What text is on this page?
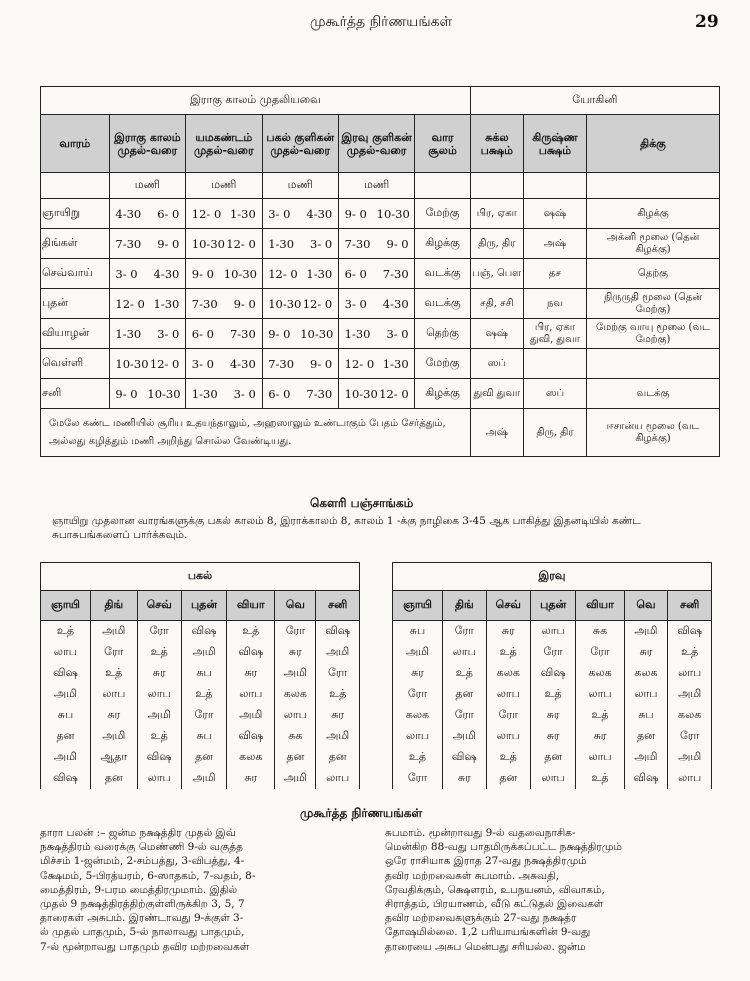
முகூர்த்த நிர்ணயங்கள்	29
இராகு காலம் முதலியவை						யோகினி		
வாரம்	இராகு காலம் முதல்-வரை	யமகண்டம் முதல்-வரை	பகல் குளிகன் முதல்-வரை	இரவு குளிகன் முதல்-வரை	வார சூலம்	சுக்ல பக்ஷம்	கிருஷ்ண பக்ஷம்	திக்கு
	மணி	மணி	மணி	மணி				
ஞாயிறு	4-30 6- 0	12- 0 1-30	3- 0 4-30	9- 0 10-30	மேற்கு	பிர, ஏகா	ஷஷ்	கிழக்கு
திங்கள்	7-30 9- 0	10-3012- 0	1-30 3- 0	7-30 9- 0	கிழக்கு	திரு, திர	அஷ்	அக்னி மூலை (தென் கிழக்கு)
செவ்வாய்	3- 0 4-30	9- 0 10-30	12- 0 1-30	6- 0 7-30	வடக்கு	பஞ், பௌ	தச	தெற்கு
புதன்	12- 0 1-30	7-30 9- 0	10-3012- 0	3- 0 4-30	வடக்கு	சதி, சசி	நவ	நிருருதி மூலை (தென் மேற்கு)
வியாழன்	1-30 3- 0	6- 0 7-30	9- 0 10-30	1-30 3- 0	தெற்கு	ஷஷ்	பிர, ஏகா துவி, துவா	மேற்கு வாயு மூலை (வட மேற்கு)
வெள்ளி	10-3012- 0	3- 0 4-30	7-30 9- 0	12- 0 1-30	மேற்கு	ஸப்		
சனி	9- 0 10-30	1-30 3- 0	6- 0 7-30	10-3012- 0	கிழக்கு	துவி துவா	ஸப்	வடக்கு
மேலே கண்ட மணியில் சூரிய உதயந்தாலும், அஹஸாலும் உண்டாகும் பேதம் சேர்த்தும், அல்லது கழித்தும் மணி அறிந்து சொல்ல வேண்டியது.						அஷ்	திரு, திர	ஈசான்ய மூலை (வட கிழக்கு)
கௌரி பஞ்சாங்கம்
ஞாயிறு முதலான வாரங்களுக்கு பகல் காலம் 8, இராக்காலம் 8, காலம் 1 -க்கு நாழிகை 3-45 ஆக பாகித்து இதனடியில் கண்ட சுபாசுபங்களைப் பார்க்கவும்.
பகல்						
ஞாயி	திங்	செவ்	புதன்	வியா	வெ	சனி
உத்	அமி	ரோ	விஷ	உத்	ரோ	விஷ
லாப	ரோ	உத்	அமி	விஷ	சுர	அமி
விஷ	உத்	சுர	சுப	சுர	அமி	ரோ
அமி	லாப	லாப	உத்	லாப	கலக	உத்
சுப	சுர	அமி	ரோ	அமி	லாப	சுர
தன	அமி	உத்	சுப	விஷ	சுக	அமி
அமி	ஆதா	விஷ	தன	கலக	தன	தன
விஷ	தன	லாப	அமி	சுர	அமி	லாப
இரவு						
ஞாயி	திங்	செவ்	புதன்	வியா	வெ	சனி
சுப	ரோ	சுர	லாப	சுக	அமி	விஷ
அமி	லாப	உத்	ரோ	ரோ	சுர	உத்
சுர	உத்	கலக	விஷ	கலக	கலக	லாப
ரோ	தன	லாப	உத்	லாப	லாப	அமி
கலக	ரோ	ரோ	சுர	உத்	சுப	கலக
லாப	அமி	லாப	சுர	சுர	தன	ரோ
உத்	விஷ	உத்	தன	லாப	அமி	அமி
ரோ	சுர	தன	லாப	உத்	விஷ	லாப
முகூர்த்த நிர்ணயங்கள்

தாரா பலன் :– ஜன்ம நக்ஷத்திர முதல் இவ்

நக்ஷத்திரம் வரைக்கு மெண்ணி 9-ல் வகுத்த

மிச்சம் 1-ஜன்மம், 2-சம்பத்து, 3-விபத்து, 4-

க்ஷேமம், 5-பிரத்யரம், 6-ஸாதகம், 7-வதம், 8-

மைத்திரம், 9-பரம மைத்திரமுமாம். இதில்

முதல் 9 நக்ஷத்திரத்திற்குள்ளிருக்கிற 3, 5, 7

தாரைகள் அசுபம். இரண்டாவது 9-க்குள் 3-

ல் முதல் பாதமும், 5-ல் நாலாவது பாதமும்,

7-ல் மூன்றாவது பாதமும் தவிர மற்றவைகள்

சுபமாம். மூன்றாவது 9-ல் வதவைநாசிக-

மென்கிற 88-வது பாதமிருக்கப்பட்ட நக்ஷத்திரமும்

ஒரே ராசியாக இராத 27-வது நக்ஷத்திரமும்

தவிர மற்றவைகள் சுபமாம். அசுவதி,

ரேவதிக்கும், க்ஷௌரம், உபநயனம், விவாகம்,

சிராத்தம், பிரயாணம், வீடு கட்டுதல் இவைகள்

தவிர மற்றவைகளுக்கும் 27-வது நக்ஷத்ர

தோஷமில்லை. 1,2 பரியாயங்களின் 9-வது

தாரையை அசுப மென்பது சரியல்ல. ஜன்ம
